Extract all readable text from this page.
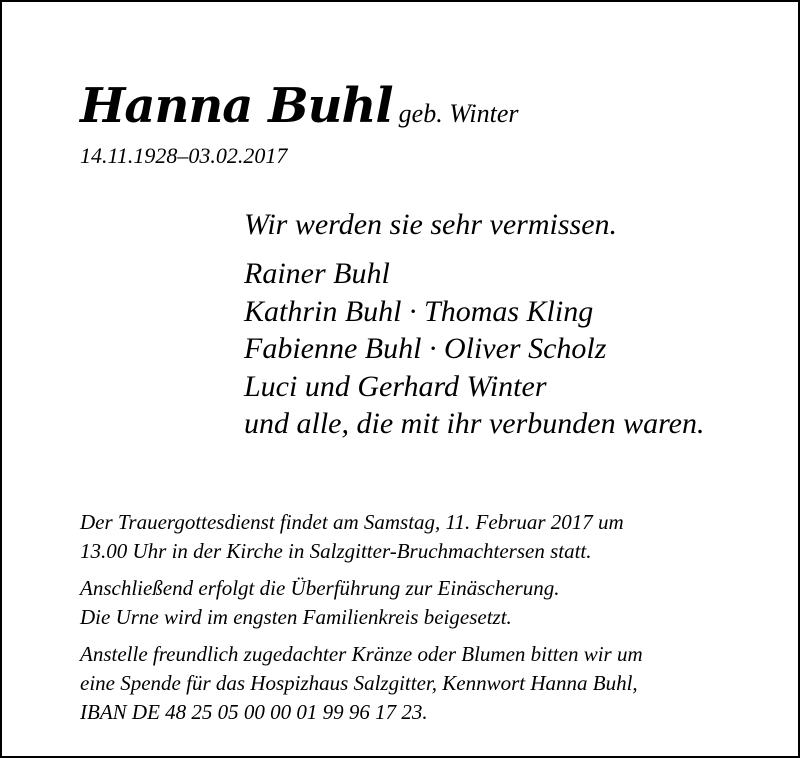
Hanna Buhl geb. Winter
14.11.1928–03.02.2017
Wir werden sie sehr vermissen.
Rainer Buhl
Kathrin Buhl · Thomas Kling
Fabienne Buhl · Oliver Scholz
Luci und Gerhard Winter
und alle, die mit ihr verbunden waren.

Der Trauergottesdienst findet am Samstag, 11. Februar 2017 um
13.00 Uhr in der Kirche in Salzgitter-Bruchmachtersen statt.

Anschließend erfolgt die Überführung zur Einäscherung.
Die Urne wird im engsten Familienkreis beigesetzt.

Anstelle freundlich zugedachter Kränze oder Blumen bitten wir um
eine Spende für das Hospizhaus Salzgitter, Kennwort Hanna Buhl,
IBAN DE 48 25 05 00 00 01 99 96 17 23.
